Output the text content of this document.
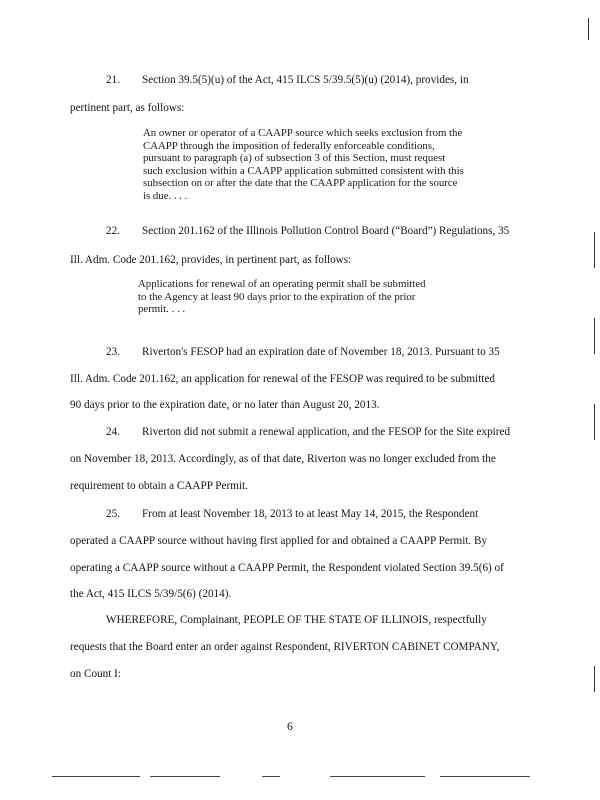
21. Section 39.5(5)(u) of the Act, 415 ILCS 5/39.5(5)(u) (2014), provides, in
pertinent part, as follows:
An owner or operator of a CAAPP source which seeks exclusion from the
CAAPP through the imposition of federally enforceable conditions,
pursuant to paragraph (a) of subsection 3 of this Section, must request
such exclusion within a CAAPP application submitted consistent with this
subsection on or after the date that the CAAPP application for the source
is due. . . .
22. Section 201.162 of the Illinois Pollution Control Board (“Board”) Regulations, 35
Ill. Adm. Code 201.162, provides, in pertinent part, as follows:
Applications for renewal of an operating permit shall be submitted
to the Agency at least 90 days prior to the expiration of the prior
permit. . . .
23. Riverton's FESOP had an expiration date of November 18, 2013. Pursuant to 35
Ill. Adm. Code 201.162, an application for renewal of the FESOP was required to be submitted
90 days prior to the expiration date, or no later than August 20, 2013.
24. Riverton did not submit a renewal application, and the FESOP for the Site expired
on November 18, 2013. Accordingly, as of that date, Riverton was no longer excluded from the
requirement to obtain a CAAPP Permit.
25. From at least November 18, 2013 to at least May 14, 2015, the Respondent
operated a CAAPP source without having first applied for and obtained a CAAPP Permit. By
operating a CAAPP source without a CAAPP Permit, the Respondent violated Section 39.5(6) of
the Act, 415 ILCS 5/39/5(6) (2014).
WHEREFORE, Complainant, PEOPLE OF THE STATE OF ILLINOIS, respectfully
requests that the Board enter an order against Respondent, RIVERTON CABINET COMPANY,
on Count I:
6
